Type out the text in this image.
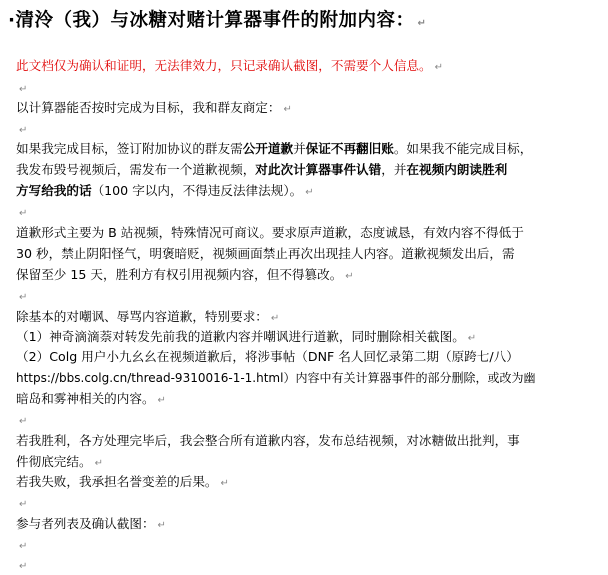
·清泠（我）与冰糖对赌计算器事件的附加内容： ↵
此文档仅为确认和证明，无法律效力，只记录确认截图，不需要个人信息。 ↵
↵
以计算器能否按时完成为目标，我和群友商定： ↵
↵
如果我完成目标，签订附加协议的群友需公开道歉并保证不再翻旧账。如果我不能完成目标，
我发布毁号视频后，需发布一个道歉视频，对此次计算器事件认错，并在视频内朗读胜利
方写给我的话（100 字以内，不得违反法律法规）。 ↵
↵
道歉形式主要为 B 站视频，特殊情况可商议。要求原声道歉，态度诚恳，有效内容不得低于
30 秒，禁止阴阳怪气，明褒暗贬，视频画面禁止再次出现挂人内容。道歉视频发出后，需
保留至少 15 天，胜利方有权引用视频内容，但不得篡改。 ↵
↵
除基本的对嘲讽、辱骂内容道歉，特别要求： ↵
（1）神奇滴滴萘对转发先前我的道歉内容并嘲讽进行道歉，同时删除相关截图。 ↵
（2）Colg 用户小九幺幺在视频道歉后，将涉事帖（DNF 名人回忆录第二期（原跨七/八）
https://bbs.colg.cn/thread-9310016-1-1.html）内容中有关计算器事件的部分删除，或改为幽
暗岛和雾神相关的内容。 ↵
↵
若我胜利，各方处理完毕后，我会整合所有道歉内容，发布总结视频，对冰糖做出批判，事
件彻底完结。 ↵
若我失败，我承担名誉变差的后果。 ↵
↵
参与者列表及确认截图： ↵
↵
↵
